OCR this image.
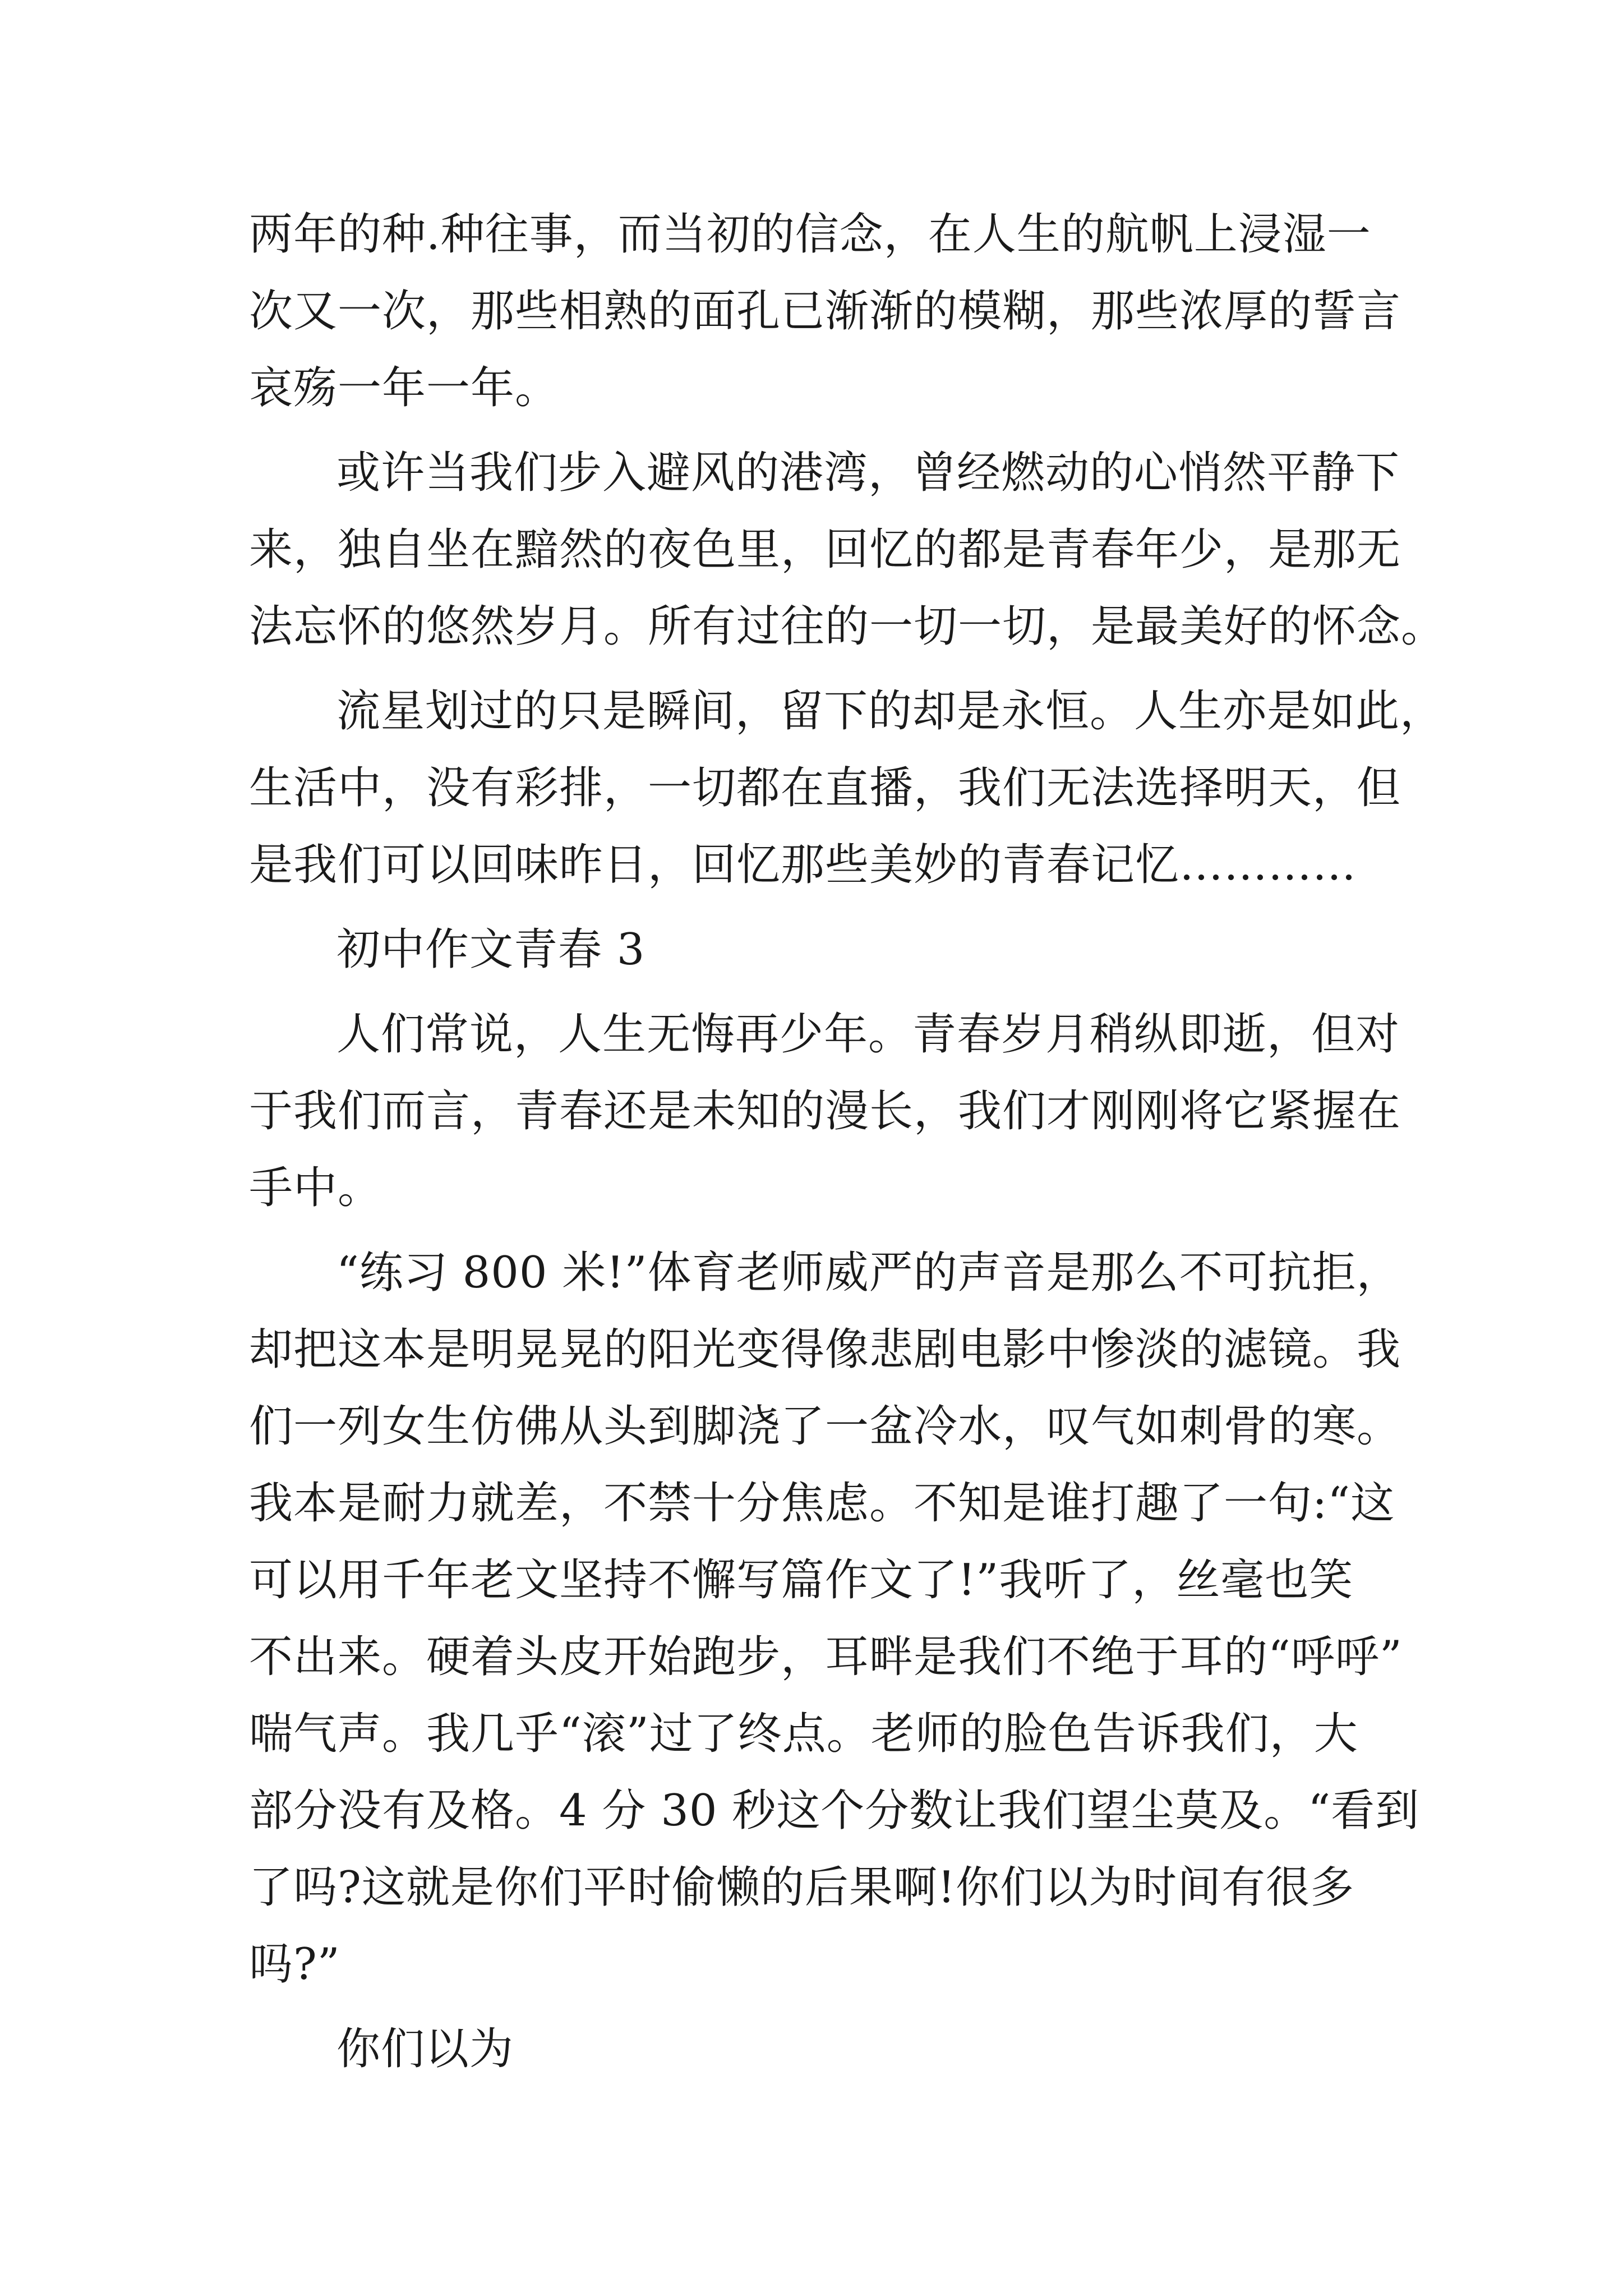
两年的种.种往事，而当初的信念，在人生的航帆上浸湿一

次又一次，那些相熟的面孔已渐渐的模糊，那些浓厚的誓言

哀殇一年一年。

或许当我们步入避风的港湾，曾经燃动的心悄然平静下

来，独自坐在黯然的夜色里，回忆的都是青春年少，是那无

法忘怀的悠然岁月。所有过往的一切一切，是最美好的怀念。

流星划过的只是瞬间，留下的却是永恒。人生亦是如此，

生活中，没有彩排，一切都在直播，我们无法选择明天，但

是我们可以回味昨日，回忆那些美妙的青春记忆…………

初中作文青春 3

人们常说，人生无悔再少年。青春岁月稍纵即逝，但对

于我们而言，青春还是未知的漫长，我们才刚刚将它紧握在

手中。

“练习 800 米!”体育老师威严的声音是那么不可抗拒，

却把这本是明晃晃的阳光变得像悲剧电影中惨淡的滤镜。我

们一列女生仿佛从头到脚浇了一盆冷水，叹气如刺骨的寒。

我本是耐力就差，不禁十分焦虑。不知是谁打趣了一句:“这

可以用千年老文坚持不懈写篇作文了!”我听了，丝毫也笑

不出来。硬着头皮开始跑步，耳畔是我们不绝于耳的“呼呼”

喘气声。我几乎“滚”过了终点。老师的脸色告诉我们，大

部分没有及格。4 分 30 秒这个分数让我们望尘莫及。“看到

了吗?这就是你们平时偷懒的后果啊!你们以为时间有很多

吗?”

你们以为
